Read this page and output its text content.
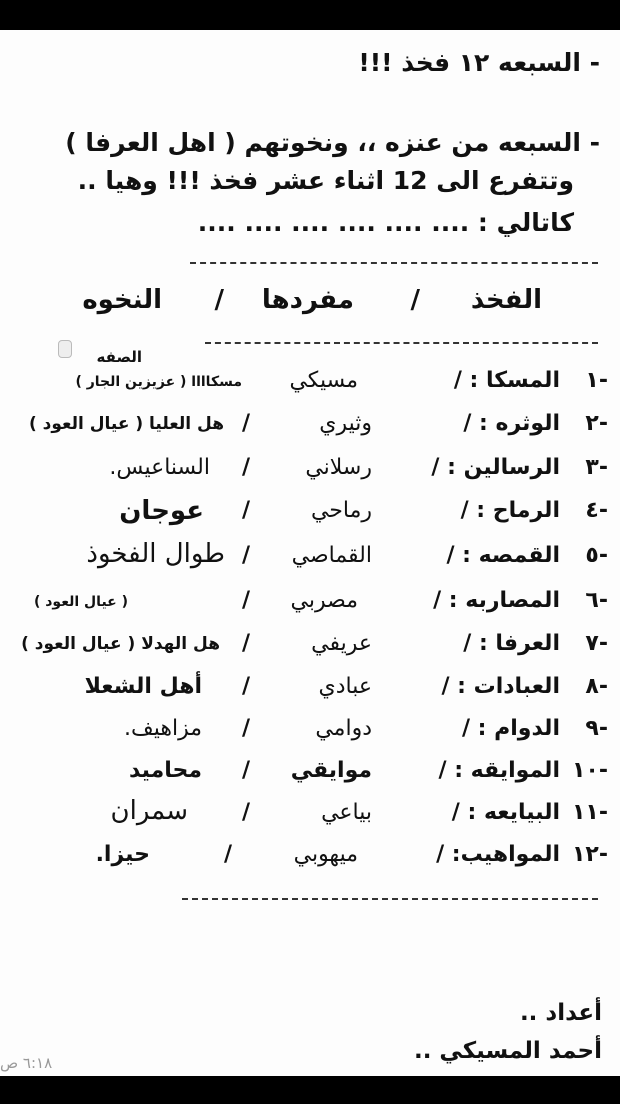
- السبعه ١٢ فخذ !!!
- السبعه من عنزه ،، ونخوتهم ( اهل العرفا )
وتتفرع الى 12 اثناء عشر فخذ !!! وهيا ..
كاتالي : .... .... .... .... .... ....
الفخذ
/
مفردها
/
النخوه
الصفه
-١
المسكا : /
مسيكي
مسكاااا ( عزيزين الجار )
-٢
الوثره : /
وثيري
/
هل العليا ( عيال العود )
-٣
الرسالين : /
رسلاني
/
السناعيس.
-٤
الرماح : /
رماحي
/
عوجان
-٥
القمصه : /
القماصي
/
طوال الفخوذ
-٦
المصاربه : /
مصربي
/
( عيال العود )
-٧
العرفا : /
عريفي
/
هل الهدلا ( عيال العود )
-٨
العبادات : /
عبادي
/
أهل الشعلا
-٩
الدوام : /
دوامي
/
مزاهيف.
-١٠
الموايقه : /
موايقي
/
محاميد
-١١
البيايعه : /
بياعي
/
سمران
-١٢
المواهيب: /
ميهوبي
/
حيزا.
أعداد ..
أحمد المسيكي ..
٦:١٨ ص
